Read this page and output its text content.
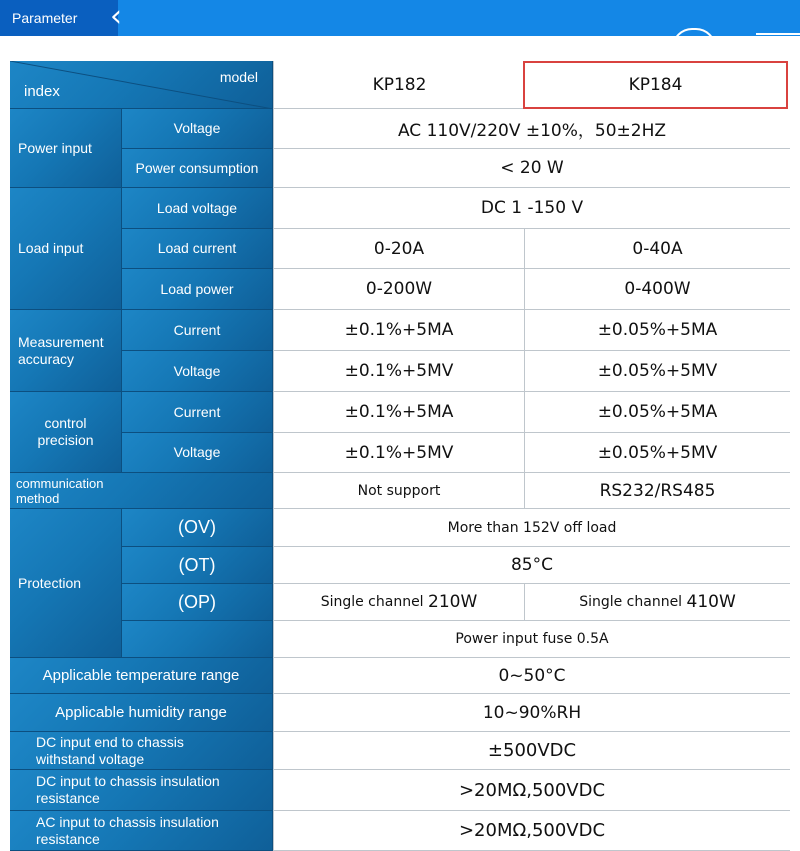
Parameter	‹
model
index	KP182	KP184
Power input
Voltage	AC 110V/220V ±10%，50±2HZ
Power consumption	< 20 W
Load input
Load voltage	DC 1 -150 V
Load current	0-20A	0-40A
Load power	0-200W	0-400W
Measurement
accuracy
Current	±0.1%+5MA	±0.05%+5MA
Voltage	±0.1%+5MV	±0.05%+5MV
control
precision
Current	±0.1%+5MA	±0.05%+5MA
Voltage	±0.1%+5MV	±0.05%+5MV
communication
method	Not support	RS232/RS485
Protection
(OV)	More than 152V off load
(OT)	85°C
(OP)	Single channel 210W	Single channel 410W
Power input fuse 0.5A
Applicable temperature range	0~50°C
Applicable humidity range	10~90%RH
DC input end to chassis
withstand voltage	±500VDC
DC input to chassis insulation
resistance	>20MΩ,500VDC
AC input to chassis insulation
resistance	>20MΩ,500VDC
